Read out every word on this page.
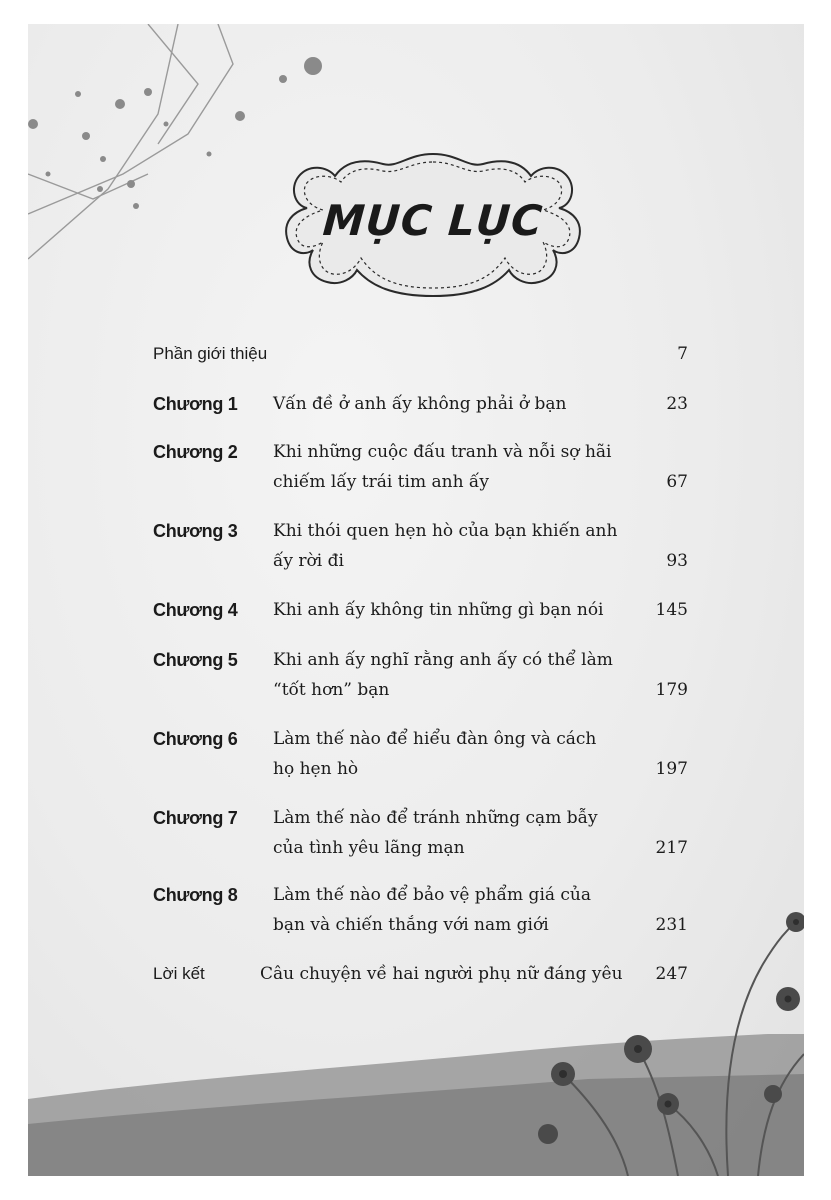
MỤC LỤC
Phần giới thiệu	7
Chương 1 Vấn đề ở anh ấy không phải ở bạn	23
Chương 2 Khi những cuộc đấu tranh và nỗi sợ hãi
chiếm lấy trái tim anh ấy	67
Chương 3 Khi thói quen hẹn hò của bạn khiến anh
ấy rời đi	93
Chương 4 Khi anh ấy không tin những gì bạn nói	145
Chương 5 Khi anh ấy nghĩ rằng anh ấy có thể làm
“tốt hơn” bạn	179
Chương 6 Làm thế nào để hiểu đàn ông và cách
họ hẹn hò	197
Chương 7 Làm thế nào để tránh những cạm bẫy
của tình yêu lãng mạn	217
Chương 8 Làm thế nào để bảo vệ phẩm giá của
bạn và chiến thắng với nam giới	231
Lời kết	Câu chuyện về hai người phụ nữ đáng yêu 247
